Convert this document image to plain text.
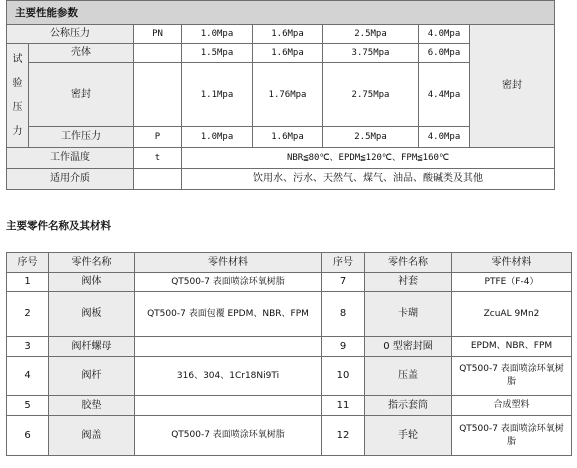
主要性能参数							
公称压力		PN	1.0Mpa	1.6Mpa	2.5Mpa	4.0Mpa	密封
试

验

压

力	壳体		1.5Mpa	1.6Mpa	3.75Mpa	6.0Mpa	
	密封		1.1Mpa	1.76Mpa	2.75Mpa	4.4Mpa	
	工作压力	P	1.0Mpa	1.6Mpa	2.5Mpa	4.0Mpa	
工作温度		t	NBR≦80℃、EPDM≦120℃、FPM≦160℃				
适用介质			饮用水、污水、天然气、煤气、油品、酸碱类及其他				
主要零件名称及其材料
序号	零件名称	零件材料	序号	零件名称	零件材料
1	阀体	QT500-7 表面喷涂环氧树脂	7	衬套	PTFE（F-4）
2	阀板	QT500-7 表面包覆 EPDM、NBR、FPM	8	卡瑚	ZcuAL 9Mn2
3	阀杆螺母		9	0 型密封圈	EPDM、NBR、FPM
4	阀杆	316、304、1Cr18Ni9Ti	10	压盖	QT500-7 表面喷涂环氧树脂
5	胶垫		11	指示套筒	合成塑料
6	阀盖	QT500-7 表面喷涂环氧树脂	12	手轮	QT500-7 表面喷涂环氧树脂
